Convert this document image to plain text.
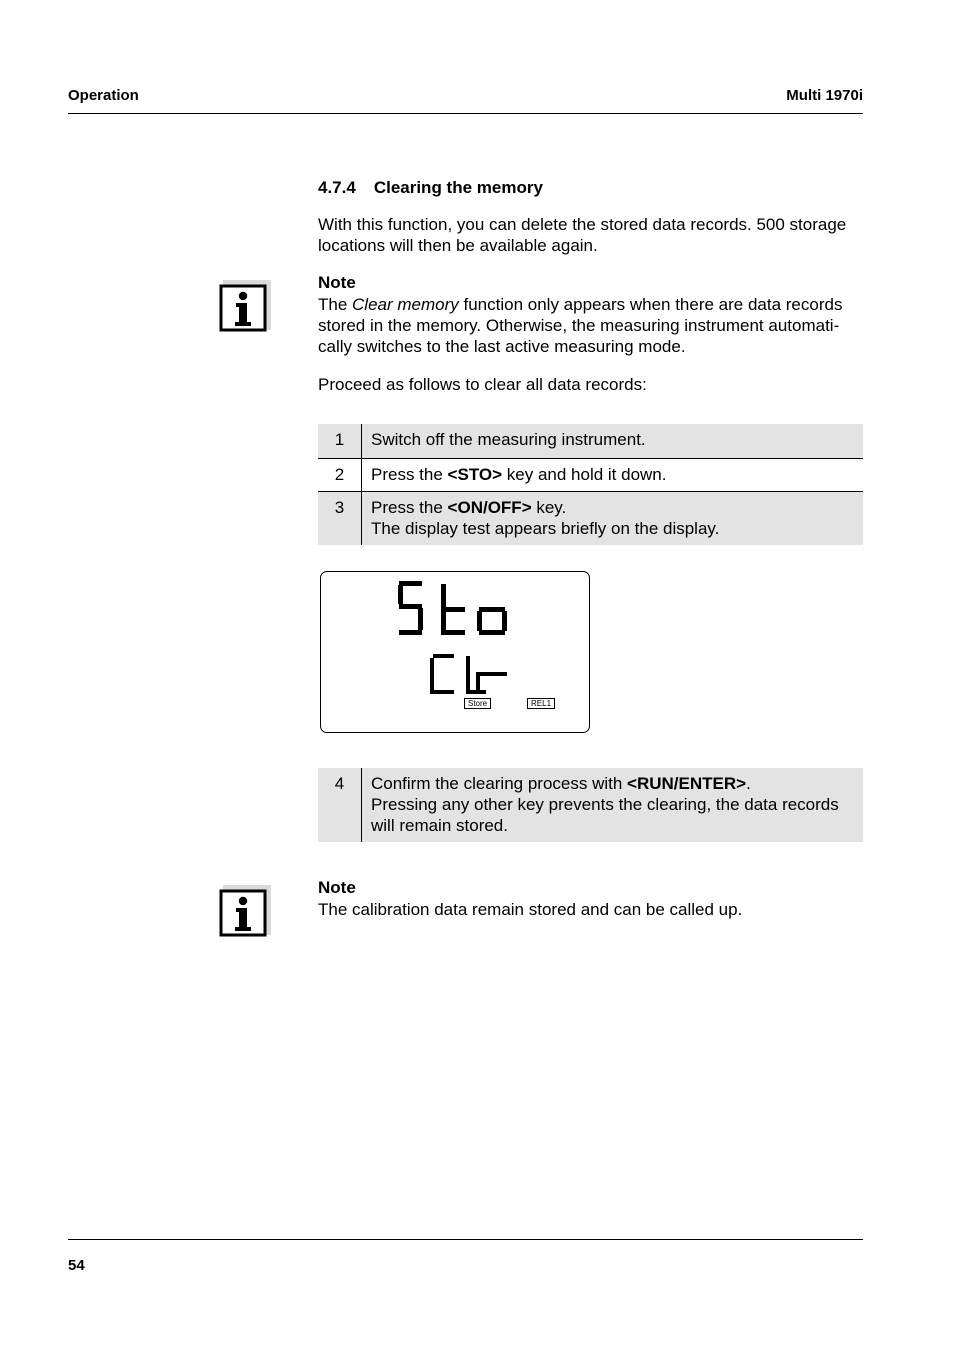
Operation	Multi 1970i
4.7.4 Clearing the memory
With this function, you can delete the stored data records. 500 storage
locations will then be available again.
Note
The Clear memory function only appears when there are data records
stored in the memory. Otherwise, the measuring instrument automati-
cally switches to the last active measuring mode.
Proceed as follows to clear all data records:
1	Switch off the measuring instrument.
2	Press the <STO> key and hold it down.
3	Press the <ON/OFF> key.
The display test appears briefly on the display.
Store	REL1
4	Confirm the clearing process with <RUN/ENTER>.
Pressing any other key prevents the clearing, the data records
will remain stored.
Note
The calibration data remain stored and can be called up.
54
